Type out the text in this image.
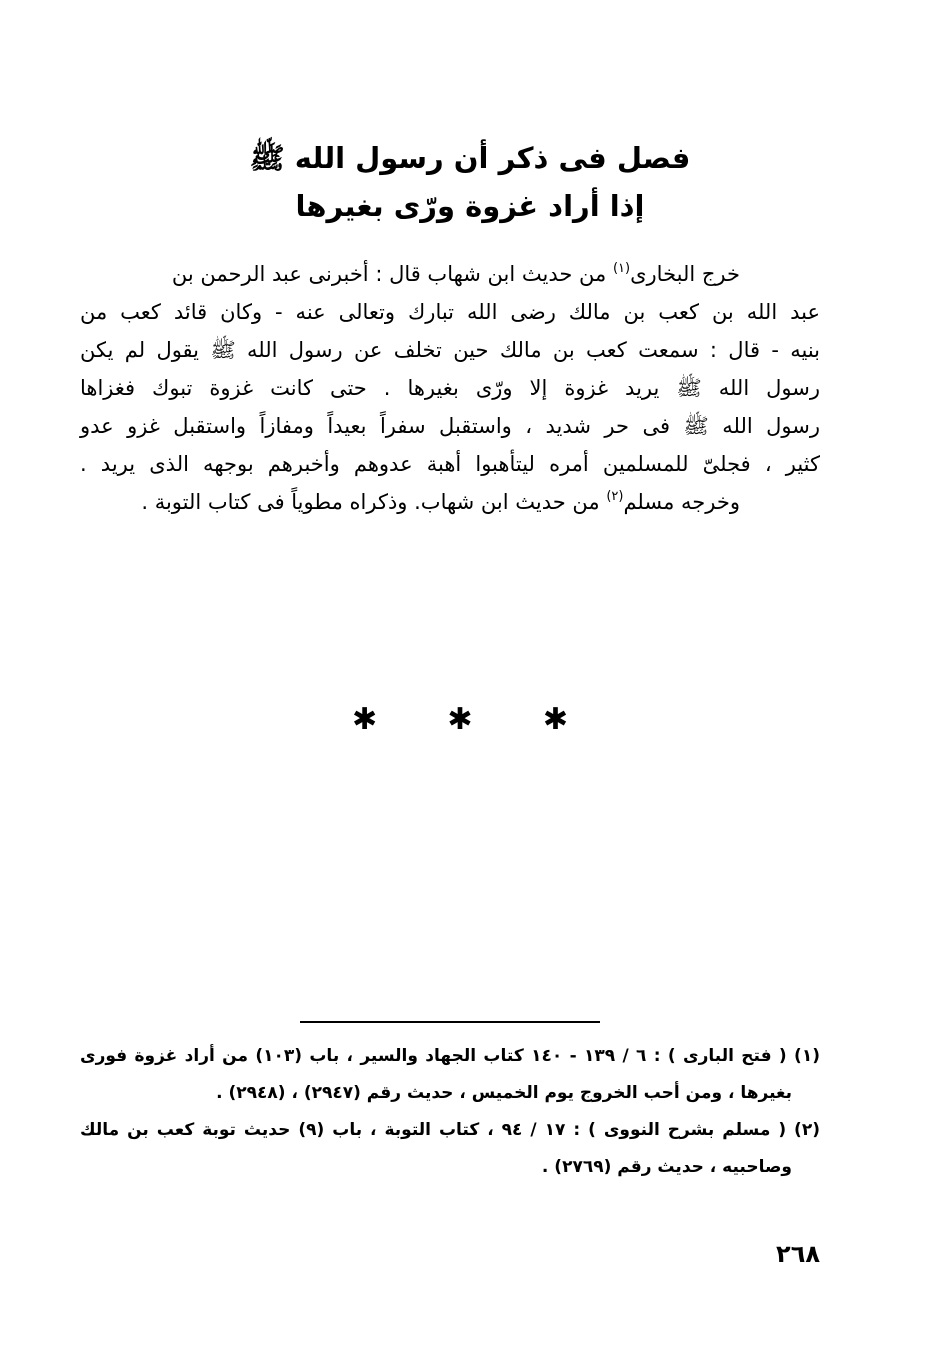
فصل فى ذكر أن رسول الله ﷺ
إذا أراد غزوة ورّى بغيرها
خرج البخارى$^{(١)}$ من حديث ابن شهاب قال : أخبرنى عبد الرحمن بن
عبد الله بن كعب بن مالك رضى الله تبارك وتعالى عنه - وكان قائد كعب من
بنيه - قال : سمعت كعب بن مالك حين تخلف عن رسول الله ﷺ يقول لم يكن
رسول الله ﷺ يريد غزوة إلا ورّى بغيرها . حتى كانت غزوة تبوك فغزاها
رسول الله ﷺ فى حر شديد ، واستقبل سفراً بعيداً ومفازاً واستقبل غزو عدو
كثير ، فجلىّ للمسلمين أمره ليتأهبوا أهبة عدوهم وأخبرهم بوجهه الذى يريد .
وخرجه مسلم$^{(٢)}$ من حديث ابن شهاب. وذكراه مطوياً فى كتاب التوبة .
✱ ✱ ✱
(١) ( فتح البارى ) : ٦ / ١٣٩ - ١٤٠ كتاب الجهاد والسير ، باب (١٠٣) من أراد غزوة فورى
بغيرها ، ومن أحب الخروج يوم الخميس ، حديث رقم (٢٩٤٧) ، (٢٩٤٨) .
(٢) ( مسلم بشرح النووى ) : ١٧ / ٩٤ ، كتاب التوبة ، باب (٩) حديث توبة كعب بن مالك
وصاحبيه ، حديث رقم (٢٧٦٩) .
٢٦٨
